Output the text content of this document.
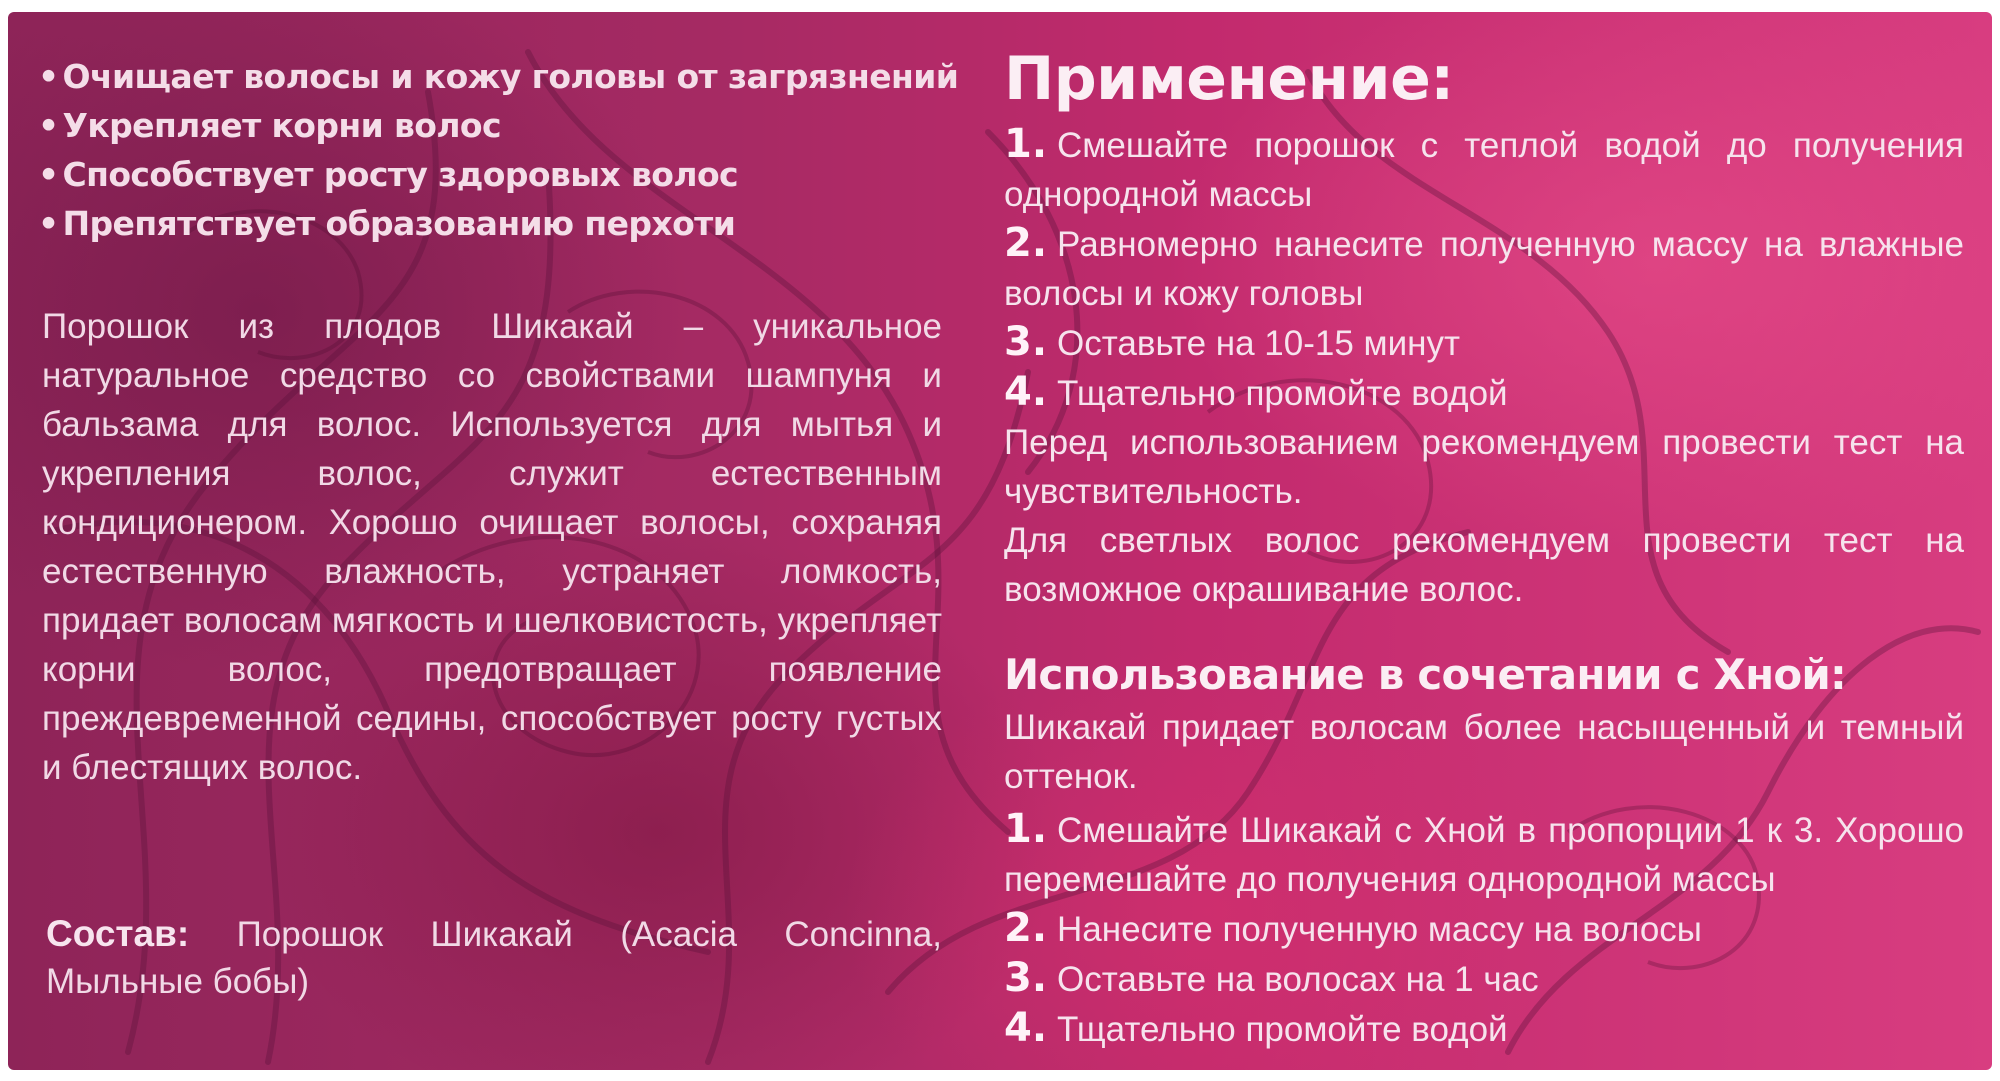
• Очищает волосы и кожу головы от загрязнений
• Укрепляет корни волос
• Способствует росту здоровых волос
• Препятствует образованию перхоти

Порошок из плодов Шикакай – уникальное натуральное средство со свойствами шампуня и бальзама для волос. Используется для мытья и укрепления волос, служит естественным кондиционером. Хорошо очищает волосы, сохраняя естественную влажность, устраняет ломкость, придает волосам мягкость и шелковистость, укрепляет корни волос, предотвращает появление преждевременной седины, способствует росту густых и блестящих волос.

Состав: Порошок Шикакай (Acacia Concinna, Мыльные бобы)

Применение:

1. Смешайте порошок с теплой водой до получения однородной массы

2. Равномерно нанесите полученную массу на влажные волосы и кожу головы

3. Оставьте на 10-15 минут

4. Тщательно промойте водой

Перед использованием рекомендуем провести тест на чувствительность.

Для светлых волос рекомендуем провести тест на возможное окрашивание волос.

Использование в сочетании с Хной:

Шикакай придает волосам более насыщенный и темный оттенок.

1. Смешайте Шикакай с Хной в пропорции 1 к 3. Хорошо перемешайте до получения однородной массы

2. Нанесите полученную массу на волосы

3. Оставьте на волосах на 1 час

4. Тщательно промойте водой
